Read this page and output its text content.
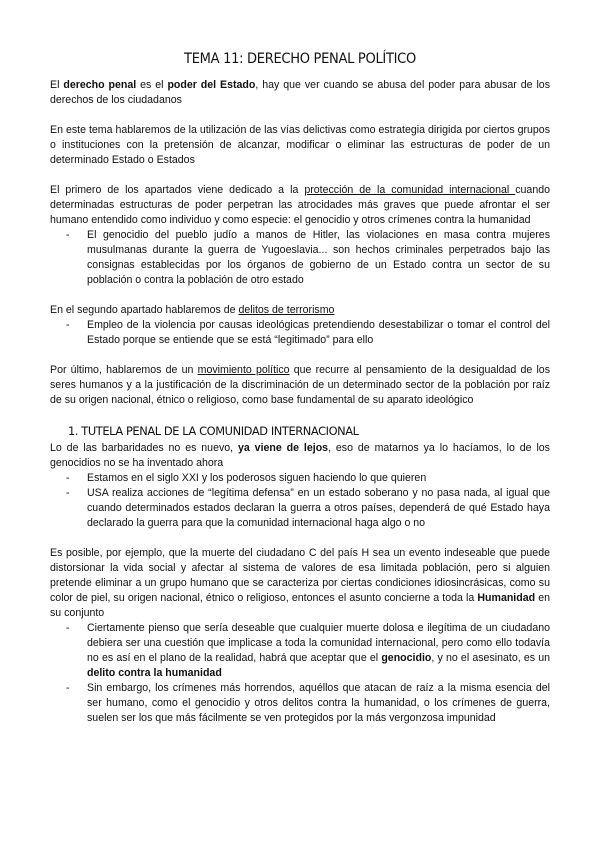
TEMA 11: DERECHO PENAL POLÍTICO

El derecho penal es el poder del Estado, hay que ver cuando se abusa del poder para abusar de los derechos de los ciudadanos

En este tema hablaremos de la utilización de las vías delictivas como estrategia dirigida por ciertos grupos o instituciones con la pretensión de alcanzar, modificar o eliminar las estructuras de poder de un determinado Estado o Estados

El primero de los apartados viene dedicado a la protección de la comunidad internacional cuando determinadas estructuras de poder perpetran las atrocidades más graves que puede afrontar el ser humano entendido como individuo y como especie: el genocidio y otros crímenes contra la humanidad

- El genocidio del pueblo judío a manos de Hitler, las violaciones en masa contra mujeres musulmanas durante la guerra de Yugoeslavia... son hechos criminales perpetrados bajo las consignas establecidas por los órganos de gobierno de un Estado contra un sector de su población o contra la población de otro estado

En el segundo apartado hablaremos de delitos de terrorismo

- Empleo de la violencia por causas ideológicas pretendiendo desestabilizar o tomar el control del Estado porque se entiende que se está “legitimado” para ello

Por último, hablaremos de un movimiento político que recurre al pensamiento de la desigualdad de los seres humanos y a la justificación de la discriminación de un determinado sector de la población por raíz de su origen nacional, étnico o religioso, como base fundamental de su aparato ideológico

1. TUTELA PENAL DE LA COMUNIDAD INTERNACIONAL

Lo de las barbaridades no es nuevo, ya viene de lejos, eso de matarnos ya lo hacíamos, lo de los genocidios no se ha inventado ahora

- Estamos en el siglo XXI y los poderosos siguen haciendo lo que quieren
- USA realiza acciones de “legítima defensa” en un estado soberano y no pasa nada, al igual que cuando determinados estados declaran la guerra a otros países, dependerá de qué Estado haya declarado la guerra para que la comunidad internacional haga algo o no

Es posible, por ejemplo, que la muerte del ciudadano C del país H sea un evento indeseable que puede distorsionar la vida social y afectar al sistema de valores de esa limitada población, pero si alguien pretende eliminar a un grupo humano que se caracteriza por ciertas condiciones idiosincrásicas, como su color de piel, su origen nacional, étnico o religioso, entonces el asunto concierne a toda la Humanidad en su conjunto

- Ciertamente pienso que sería deseable que cualquier muerte dolosa e ilegítima de un ciudadano debiera ser una cuestión que implicase a toda la comunidad internacional, pero como ello todavía no es así en el plano de la realidad, habrá que aceptar que el genocidio, y no el asesinato, es un delito contra la humanidad
- Sin embargo, los crímenes más horrendos, aquéllos que atacan de raíz a la misma esencia del ser humano, como el genocidio y otros delitos contra la humanidad, o los crímenes de guerra, suelen ser los que más fácilmente se ven protegidos por la más vergonzosa impunidad
